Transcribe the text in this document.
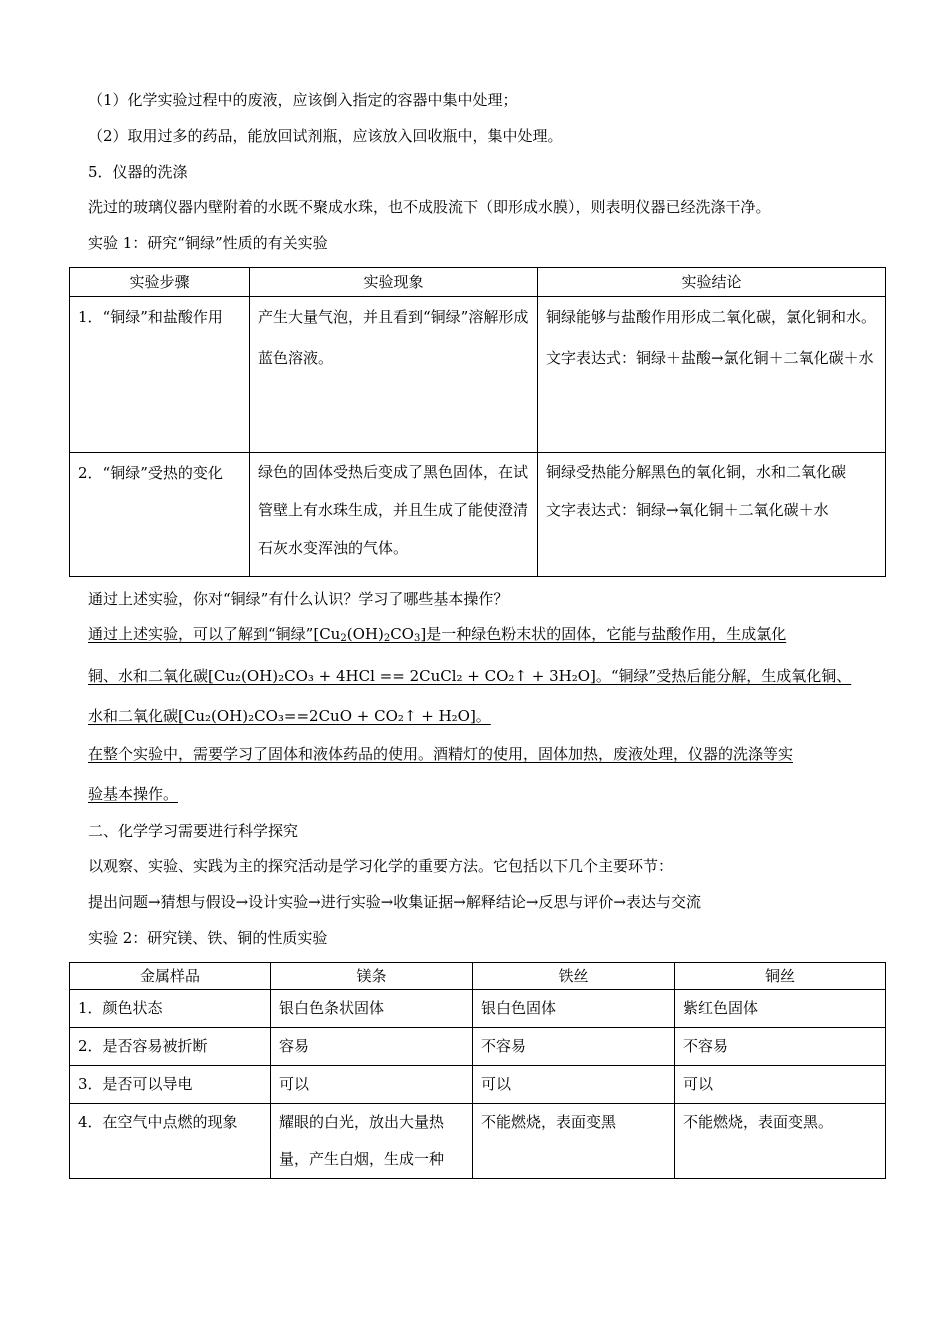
（1）化学实验过程中的废液，应该倒入指定的容器中集中处理；
（2）取用过多的药品，能放回试剂瓶，应该放入回收瓶中，集中处理。
5．仪器的洗涤
洗过的玻璃仪器内壁附着的水既不聚成水珠，也不成股流下（即形成水膜），则表明仪器已经洗涤干净。
实验 1：研究“铜绿”性质的有关实验
实验步骤	实验现象	实验结论
1．“铜绿”和盐酸作用	产生大量气泡，并且看到“铜绿”溶解形成蓝色溶液。	铜绿能够与盐酸作用形成二氧化碳，氯化铜和水。
文字表达式：铜绿＋盐酸→氯化铜＋二氧化碳＋水

2．“铜绿”受热的变化	绿色的固体受热后变成了黑色固体，在试管壁上有水珠生成，并且生成了能使澄清石灰水变浑浊的气体。	铜绿受热能分解黑色的氧化铜，水和二氧化碳
文字表达式：铜绿→氧化铜＋二氧化碳＋水
通过上述实验，你对“铜绿”有什么认识？学习了哪些基本操作？
通过上述实验，可以了解到“铜绿$”[Cu_2(OH)_2CO_3]$是一种绿色粉末状的固体，它能与盐酸作用，生成氯化
铜、水和二氧化碳[Cu₂(OH)₂CO₃ + 4HCl == 2CuCl₂ + CO₂↑ + 3H₂O]。“铜绿”受热后能分解，生成氧化铜、
水和二氧化碳[Cu₂(OH)₂CO₃==2CuO + CO₂↑ + H₂O]。
在整个实验中，需要学习了固体和液体药品的使用。酒精灯的使用，固体加热，废液处理，仪器的洗涤等实
验基本操作。
二、化学学习需要进行科学探究
以观察、实验、实践为主的探究活动是学习化学的重要方法。它包括以下几个主要环节：
提出问题→猜想与假设→设计实验→进行实验→收集证据→解释结论→反思与评价→表达与交流
实验 2：研究镁、铁、铜的性质实验
金属样品	镁条	铁丝	铜丝
1．颜色状态	银白色条状固体	银白色固体	紫红色固体
2．是否容易被折断	容易	不容易	不容易
3．是否可以导电	可以	可以	可以
4．在空气中点燃的现象	耀眼的白光，放出大量热量，产生白烟，生成一种	不能燃烧，表面变黑	不能燃烧，表面变黑。
